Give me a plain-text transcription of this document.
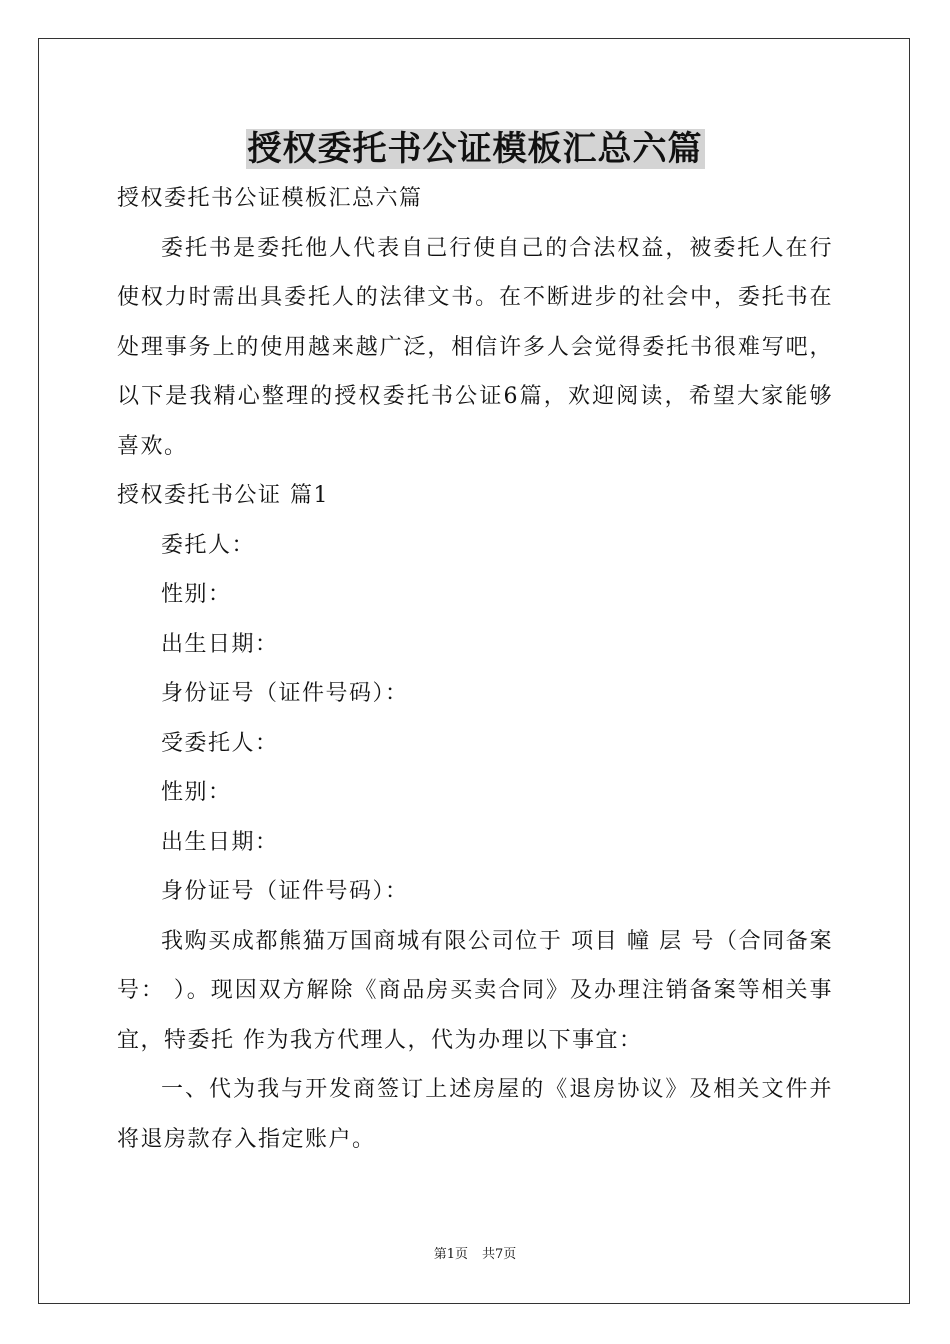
授权委托书公证模板汇总六篇

授权委托书公证模板汇总六篇

委托书是委托他人代表自己行使自己的合法权益，被委托人在行使权力时需出具委托人的法律文书。在不断进步的社会中，委托书在处理事务上的使用越来越广泛，相信许多人会觉得委托书很难写吧，以下是我精心整理的授权委托书公证6篇，欢迎阅读，希望大家能够喜欢。

授权委托书公证 篇1

委托人：

性别：

出生日期：

身份证号（证件号码）：

受委托人：

性别：

出生日期：

身份证号（证件号码）：

我购买成都熊猫万国商城有限公司位于 项目 幢 层 号（合同备案号： ）。现因双方解除《商品房买卖合同》及办理注销备案等相关事宜，特委托 作为我方代理人，代为办理以下事宜：

一、代为我与开发商签订上述房屋的《退房协议》及相关文件并将退房款存入指定账户。

第1页 共7页
